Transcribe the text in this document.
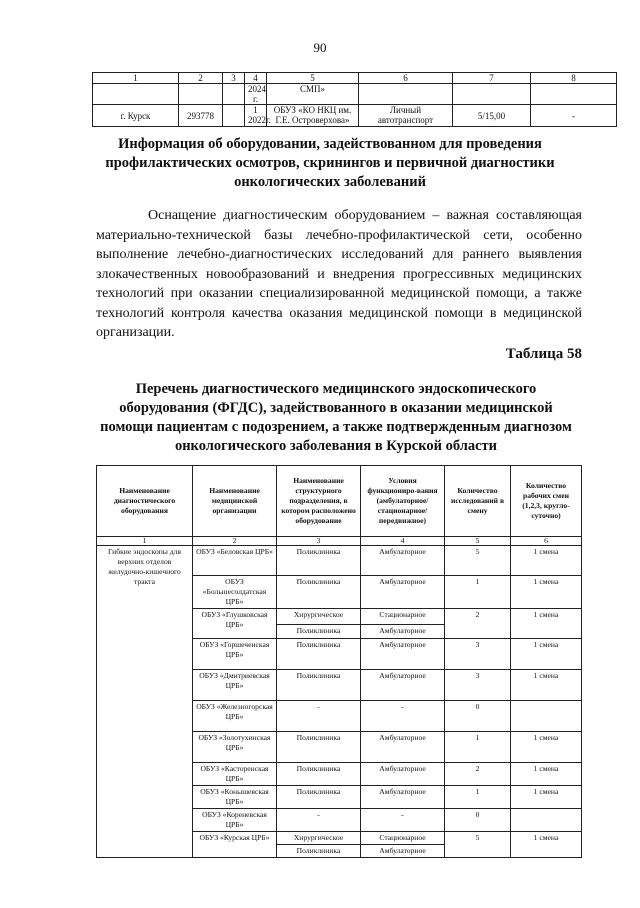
90
1	2	3	4	5	6	7	8
			2024 г.	СМП»			
г. Курск	293778		1 2022г.	ОБУЗ «КО НКЦ им. Г.Е. Островерхова»	Личный автотранспорт	5/15,00	-
Информация об оборудовании, задействованном для проведения профилактических осмотров, скринингов и первичной диагностики онкологических заболеваний
Оснащение диагностическим оборудованием – важная составляющая материально-технической базы лечебно-профилактической сети, особенно выполнение лечебно-диагностических исследований для раннего выявления злокачественных новообразований и внедрения прогрессивных медицинских технологий при оказании специализированной медицинской помощи, а также технологий контроля качества оказания медицинской помощи в медицинской организации.
Таблица 58
Перечень диагностического медицинского эндоскопического оборудования (ФГДС), задействованного в оказании медицинской помощи пациентам с подозрением, а также подтвержденным диагнозом онкологического заболевания в Курской области
Наименование диагностического оборудования	Наименование медицинской организации	Наименование структурного подразделения, в котором расположено оборудование	Условия функциониро-вания (амбулаторное/ стационарное/ передвижное)	Количество исследований в смену	Количество рабочих смен (1,2,3, кругло-суточно)
1	2	3	4	5	6
Гибкие эндоскопы для верхних отделов желудочно-кишечного тракта	ОБУЗ «Беловская ЦРБ»	Поликлиника	Амбулаторное	5	1 смена
	ОБУЗ «Большесолдатская ЦРБ»	Поликлиника	Амбулаторное	1	1 смена
	ОБУЗ «Глушковская ЦРБ»	Хирургическое	Стационарное	2	1 смена
		Поликлиника	Амбулаторное		
	ОБУЗ «Горшеченская ЦРБ»	Поликлиника	Амбулаторное	3	1 смена
	ОБУЗ «Дмитриевская ЦРБ»	Поликлиника	Амбулаторное	3	1 смена
	ОБУЗ «Железногорская ЦРБ»	-	-	0	
	ОБУЗ «Золотухинская ЦРБ»	Поликлиника	Амбулаторное	1	1 смена
	ОБУЗ «Касторенская ЦРБ»	Поликлиника	Амбулаторное	2	1 смена
	ОБУЗ «Конышевская ЦРБ»	Поликлиника	Амбулаторное	1	1 смена
	ОБУЗ «Кореневская ЦРБ»	-	-	0	
	ОБУЗ «Курская ЦРБ»	Хирургическое	Стационарное	5	1 смена
		Поликлиника	Амбулаторное		
